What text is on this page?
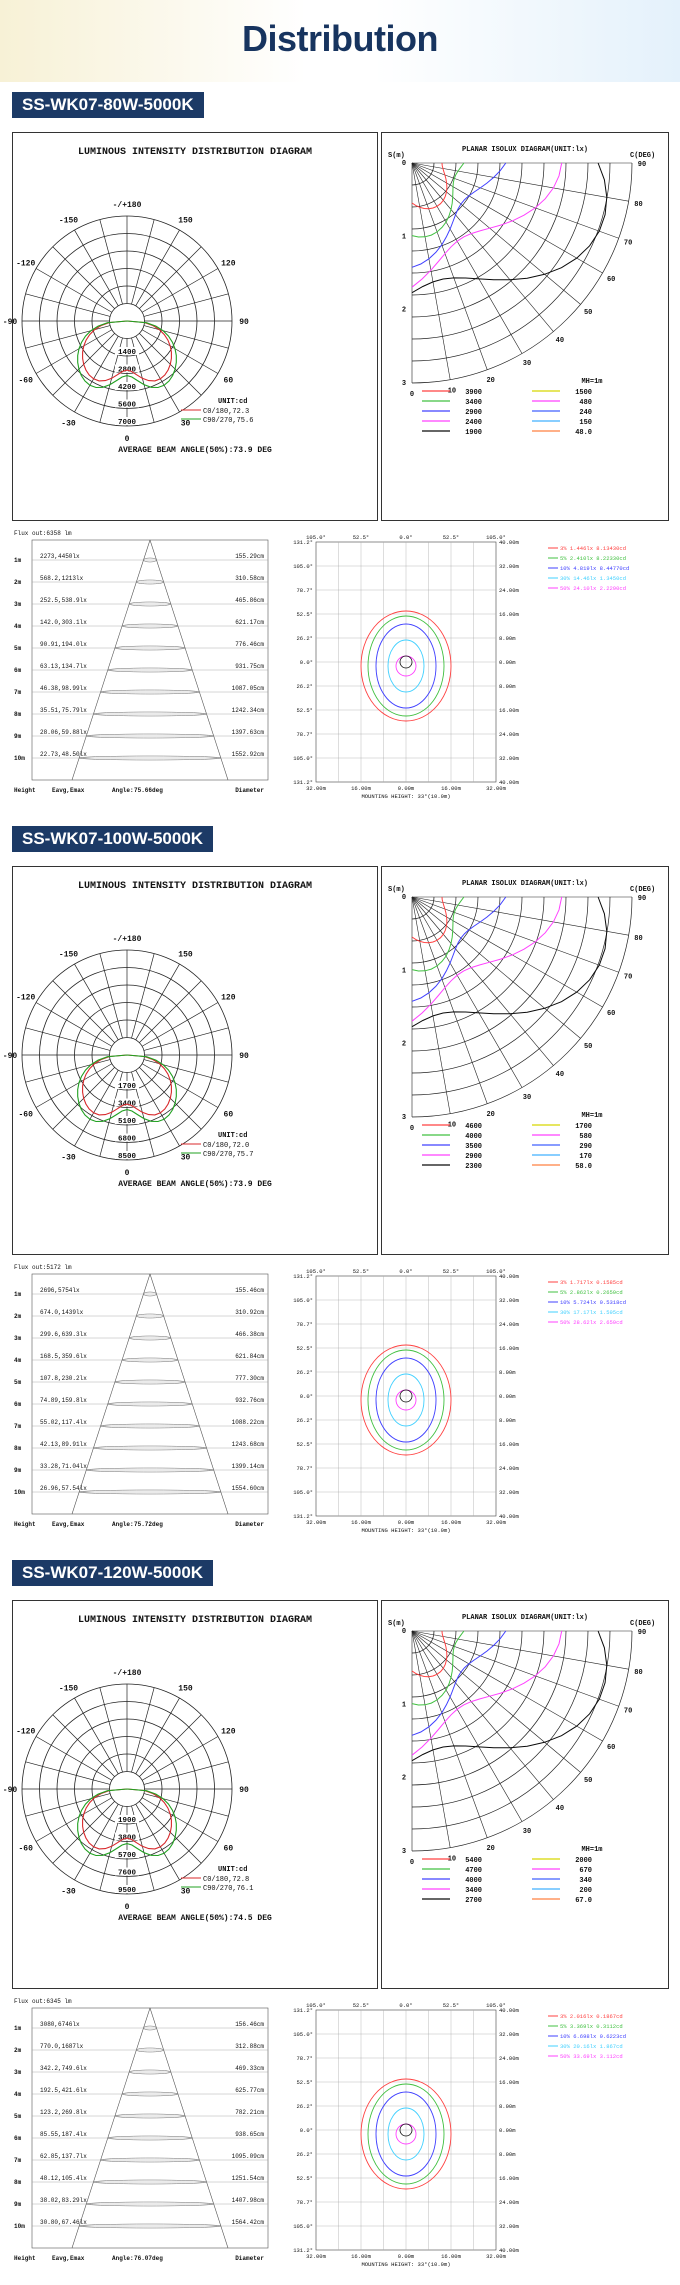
Distribution
SS-WK07-80W-5000K
LUMINOUS INTENSITY DISTRIBUTION DIAGRAM
-/+180
150
120
90
60
30
0
-30
-60
-90
-120
-150
1400
2800
4200
5600
7000
UNIT:cd
C0/180,72.3
C90/270,75.6
AVERAGE BEAM ANGLE(50%):73.9 DEG
PLANAR ISOLUX DIAGRAM(UNIT:lx)
S(m)	C(DEG)
0
1
2
3
0	10
20
30
40
50
60
70
80
90
MH=1m
3900	1500
3400	480
2900	240
2400	150
1900	48.0
Flux out:6358 lm
1m
2273,4450lx	155.29cm
2m
568.2,1213lx	310.58cm
3m
252.5,538.9lx	465.86cm
4m
142.0,303.1lx	621.17cm
5m
90.91,194.0lx	776.46cm
6m
63.13,134.7lx	931.75cm
7m
46.38,98.99lx	1087.05cm
8m
35.51,75.79lx	1242.34cm
9m
28.06,59.88lx	1397.63cm
10m
22.73,48.50lx	1552.92cm
Height	Eavg,Emax	Angle: 75.66deg	Diameter
105.0°	52.5°	0.0°	52.5°	105.0°
131.2°
105.0°
78.7°
52.5°
26.2°
0.0°
26.2°
52.5°
78.7°
105.0°
131.2°
40.00m
32.00m
24.00m
16.00m
8.00m
0.00m
8.00m
16.00m
24.00m
32.00m
40.00m
32.00m	16.00m	0.00m	16.00m	32.00m
MOUNTING HEIGHT: 33°(10.0m)
3% 1.446lx 8.13430cd
5% 2.410lx 8.22330cd
10% 4.819lx 8.44770cd
30% 14.46lx 1.3450cd
50% 24.10lx 2.2290cd
SS-WK07-100W-5000K
LUMINOUS INTENSITY DISTRIBUTION DIAGRAM
-/+180
150
120
90
60
30
0
-30
-60
-90
-120
-150
1700
3400
5100
6800
8500
UNIT:cd
C0/180,72.0
C90/270,75.7
AVERAGE BEAM ANGLE(50%):73.9 DEG
PLANAR ISOLUX DIAGRAM(UNIT:lx)
S(m)	C(DEG)
0
1
2
3
0	10
20
30
40
50
60
70
80
90
MH=1m
4600	1700
4000	580
3500	290
2900	170
2300	58.0
Flux out:5172 lm
1m
2696,5754lx	155.46cm
2m
674.0,1439lx	310.92cm
3m
299.6,639.3lx	466.38cm
4m
168.5,359.6lx	621.84cm
5m
107.8,230.2lx	777.30cm
6m
74.89,159.8lx	932.76cm
7m
55.02,117.4lx	1088.22cm
8m
42.13,89.91lx	1243.68cm
9m
33.28,71.04lx	1399.14cm
10m
26.96,57.54lx	1554.60cm
Height	Eavg,Emax	Angle: 75.72deg	Diameter
105.0°	52.5°	0.0°	52.5°	105.0°
131.2°
105.0°
78.7°
52.5°
26.2°
0.0°
26.2°
52.5°
78.7°
105.0°
131.2°
40.00m
32.00m
24.00m
16.00m
8.00m
0.00m
8.00m
16.00m
24.00m
32.00m
40.00m
32.00m	16.00m	0.00m	16.00m	32.00m
MOUNTING HEIGHT: 33°(10.0m)
3% 1.717lx 0.1585cd
5% 2.862lx 0.2659cd
10% 5.724lx 0.5318cd
30% 17.17lx 1.595cd
50% 28.62lx 2.659cd
SS-WK07-120W-5000K
LUMINOUS INTENSITY DISTRIBUTION DIAGRAM
-/+180
150
120
90
60
30
0
-30
-60
-90
-120
-150
1900
3800
5700
7600
9500
UNIT:cd
C0/180,72.8
C90/270,76.1
AVERAGE BEAM ANGLE(50%):74.5 DEG
PLANAR ISOLUX DIAGRAM(UNIT:lx)
S(m)	C(DEG)
0
1
2
3
0	10
20
30
40
50
60
70
80
90
MH=1m
5400	2000
4700	670
4000	340
3400	200
2700	67.0
Flux out:6345 lm
1m
3080,6746lx	156.46cm
2m
770.0,1687lx	312.88cm
3m
342.2,749.6lx	469.33cm
4m
192.5,421.6lx	625.77cm
5m
123.2,269.8lx	782.21cm
6m
85.55,187.4lx	938.65cm
7m
62.85,137.7lx	1095.09cm
8m
48.12,105.4lx	1251.54cm
9m
38.02,83.29lx	1407.98cm
10m
30.80,67.46lx	1564.42cm
Height	Eavg,Emax	Angle: 76.07deg	Diameter
105.0°	52.5°	0.0°	52.5°	105.0°
131.2°
105.0°
78.7°
52.5°
26.2°
0.0°
26.2°
52.5°
78.7°
105.0°
131.2°
40.00m
32.00m
24.00m
16.00m
8.00m
0.00m
8.00m
16.00m
24.00m
32.00m
40.00m
32.00m	16.00m	0.00m	16.00m	32.00m
MOUNTING HEIGHT: 33°(10.0m)
3% 2.016lx 0.1867cd
5% 3.369lx 0.3112cd
10% 6.698lx 0.6223cd
30% 20.16lx 1.867cd
50% 33.69lx 3.112cd
